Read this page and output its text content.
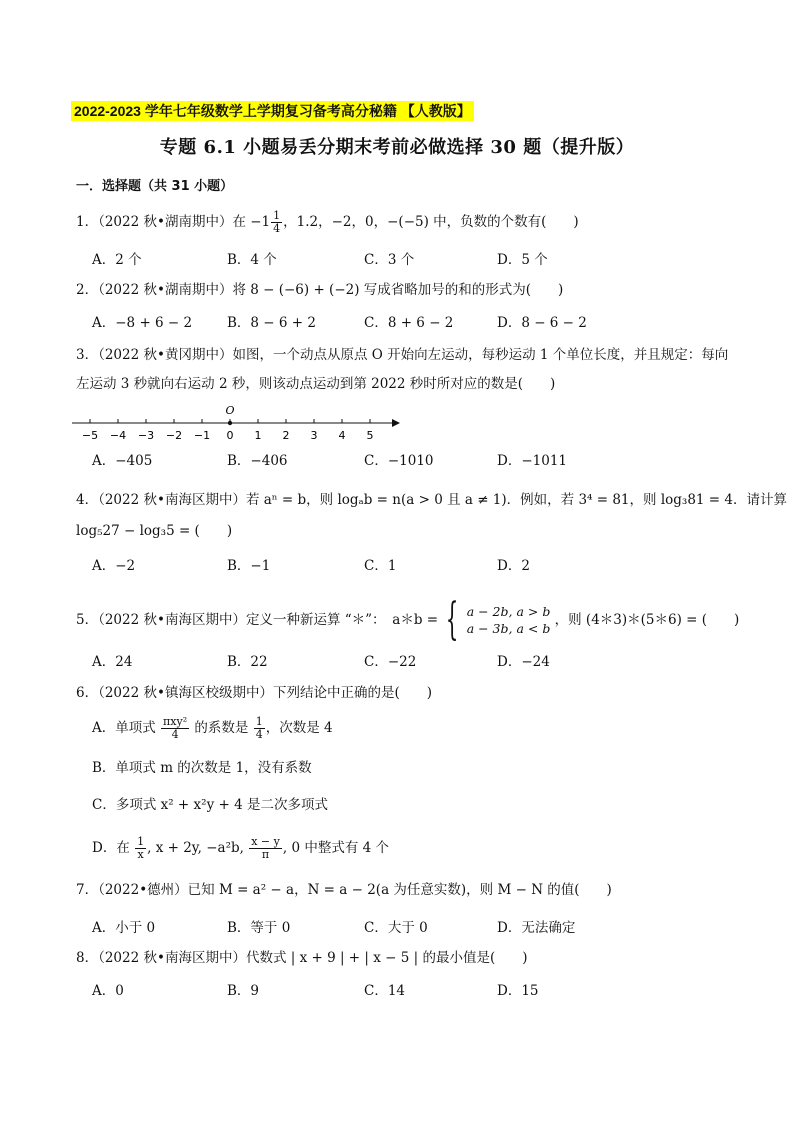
2022-2023 学年七年级数学上学期复习备考高分秘籍 【人教版】
专题 6.1 小题易丢分期末考前必做选择 30 题（提升版）
一．选择题（共 31 小题）
1．（2022 秋•湖南期中）在 $-1 \frac{1}{4}$ ，1.2，−2，0，−(−5) 中，负数的个数有(　　)
A．2 个	B．4 个	C．3 个	D．5 个
2．（2022 秋•湖南期中）将 8 − (−6) + (−2) 写成省略加号的和的形式为(　　)
A．−8 + 6 − 2	B．8 − 6 + 2	C．8 + 6 − 2	D．8 − 6 − 2
3．（2022 秋•黄冈期中）如图，一个动点从原点 O 开始向左运动，每秒运动 1 个单位长度，并且规定：每向
左运动 3 秒就向右运动 2 秒，则该动点运动到第 2022 秒时所对应的数是(　　)
−5 −4 −3 −2 −1 0 1 2 3 4 5
O
A．−405	B．−406	C．−1010	D．−1011
4．（2022 秋•南海区期中）若 aⁿ = b，则 logₐb = n(a > 0 且 a ≠ 1)．例如，若 3⁴ = 81，则 log₃81 = 4．请计算
log₅27 − log₃5 = (　　)
A．−2	B．−1	C．1	D．2
5．（2022 秋•南海区期中）定义一种新运算 “＊”：　a＊b = { a − 2b, a > b
a − 3b, a < b
，则 (4＊3)＊(5＊6) = (　　)
A．24	B．22	C．−22	D．−24
6．（2022 秋•镇海区校级期中）下列结论中正确的是(　　)
A．单项式 $\frac{\text{πxy²}}{4}$ 的系数是 $\frac{1}{4}$ ，次数是 4
B．单项式 m 的次数是 1，没有系数
C．多项式 x² + x²y + 4 是二次多项式
D．在 $\frac{1}{x}$ , x + 2y, −a²b, $\frac{x - y}{\pi}$ , 0 中整式有 4 个
7．（2022•德州）已知 M = a² − a，N = a − 2(a 为任意实数)，则 M − N 的值(　　)
A．小于 0	B．等于 0	C．大于 0	D．无法确定
8．（2022 秋•南海区期中）代数式 | x + 9 | + | x − 5 | 的最小值是(　　)
A．0	B．9	C．14	D．15
